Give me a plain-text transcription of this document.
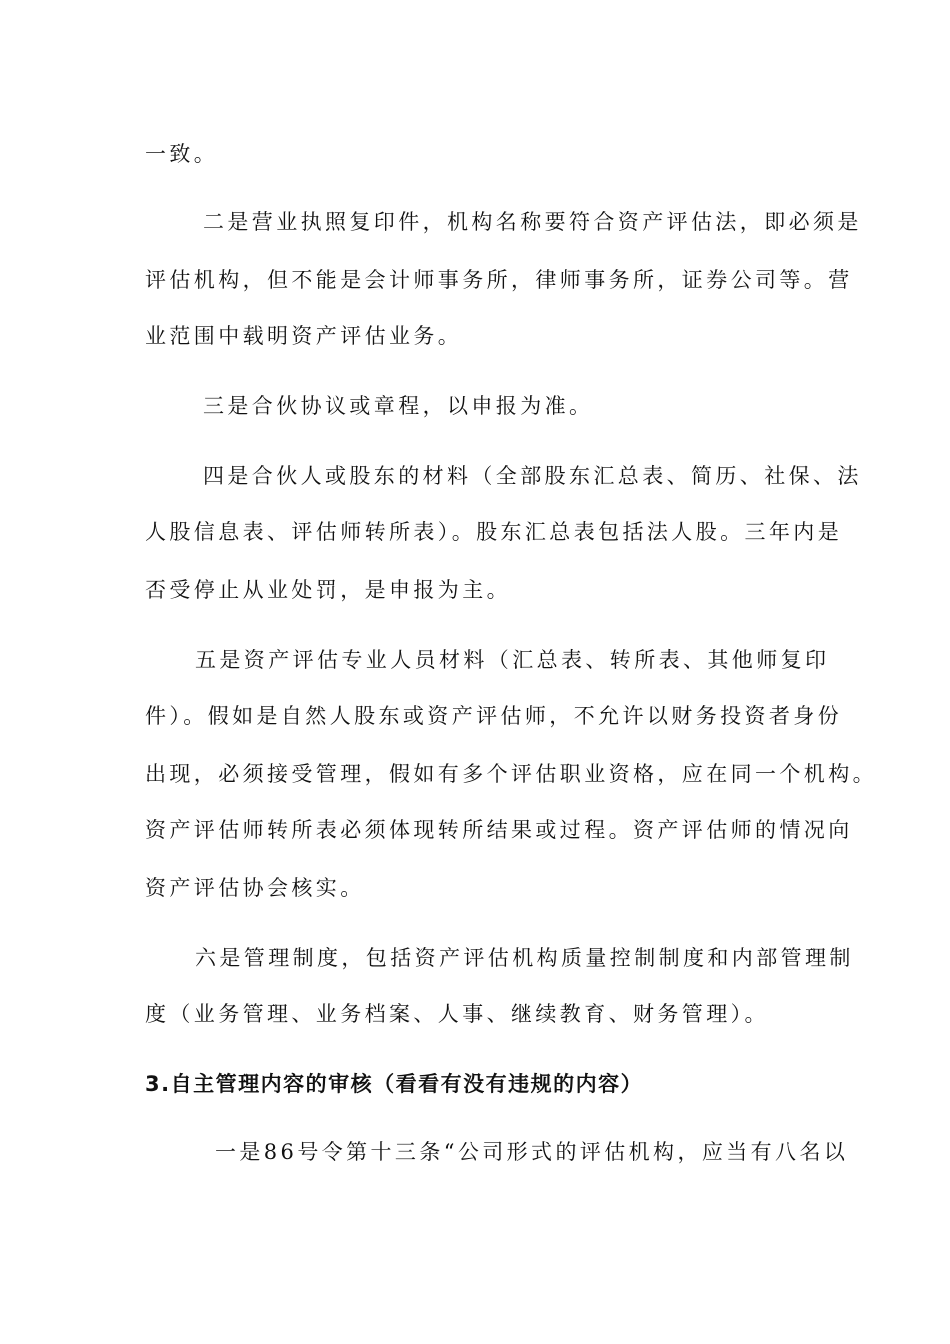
一致。
二是营业执照复印件，机构名称要符合资产评估法，即必须是
评估机构，但不能是会计师事务所，律师事务所，证券公司等。营
业范围中载明资产评估业务。
三是合伙协议或章程，以申报为准。
四是合伙人或股东的材料（全部股东汇总表、简历、社保、法
人股信息表、评估师转所表）。股东汇总表包括法人股。三年内是
否受停止从业处罚，是申报为主。
五是资产评估专业人员材料（汇总表、转所表、其他师复印
件）。假如是自然人股东或资产评估师，不允许以财务投资者身份
出现，必须接受管理，假如有多个评估职业资格，应在同一个机构。
资产评估师转所表必须体现转所结果或过程。资产评估师的情况向
资产评估协会核实。
六是管理制度，包括资产评估机构质量控制制度和内部管理制
度（业务管理、业务档案、人事、继续教育、财务管理）。
3.自主管理内容的审核（看看有没有违规的内容）
一是86号令第十三条“公司形式的评估机构，应当有八名以
